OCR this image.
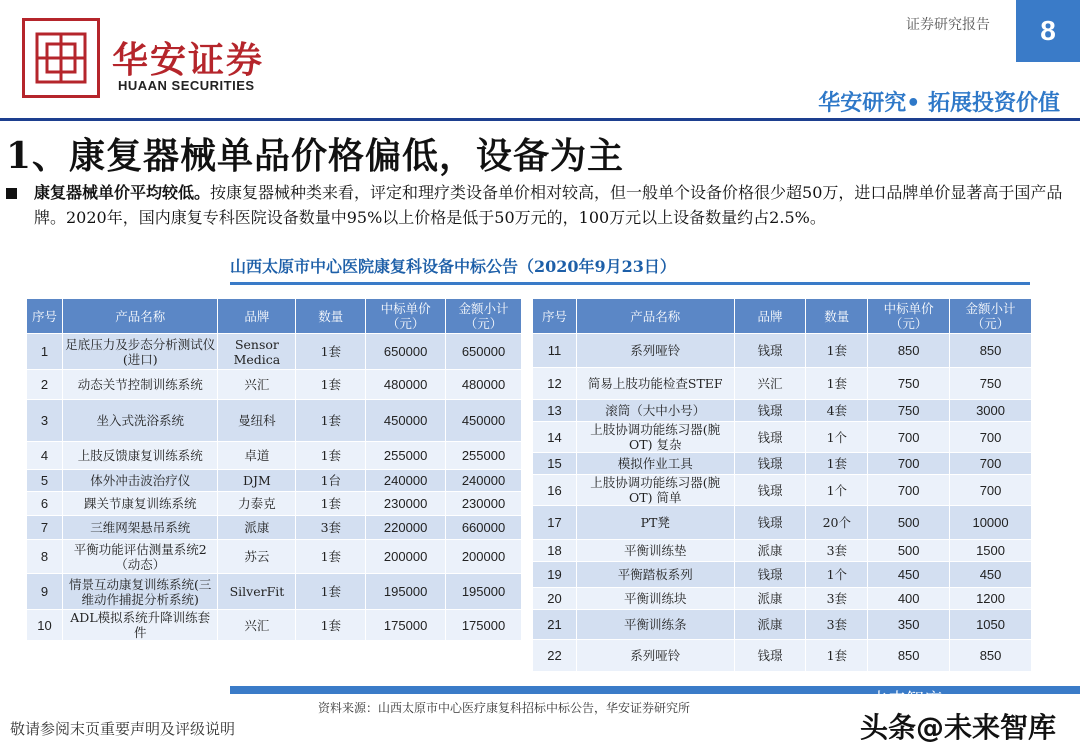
华安证券
HUAAN SECURITIES
证券研究报告	8
华安研究• 拓展投资价值
1、康复器械单品价格偏低，设备为主
康复器械单价平均较低。按康复器械种类来看，评定和理疗类设备单价相对较高，但一般单个设备价格很少超50万，进口品牌单价显著高于国产品牌。2020年，国内康复专科医院设备数量中95%以上价格是低于50万元的，100万元以上设备数量约占2.5%。
山西太原市中心医院康复科设备中标公告（2020年9月23日）
序号	产品名称	品牌	数量	中标单价（元）	金额小计（元）
1	足底压力及步态分析测试仪(进口)	Sensor Medica	1套	650000	650000
2	动态关节控制训练系统	兴汇	1套	480000	480000
3	坐入式洗浴系统	曼纽科	1套	450000	450000
4	上肢反馈康复训练系统	卓道	1套	255000	255000
5	体外冲击波治疗仪	DJM	1台	240000	240000
6	踝关节康复训练系统	力泰克	1套	230000	230000
7	三维网架悬吊系统	派康	3套	220000	660000
8	平衡功能评估测量系统2（动态）	苏云	1套	200000	200000
9	情景互动康复训练系统(三维动作捕捉分析系统)	SilverFit	1套	195000	195000
10	ADL模拟系统升降训练套件	兴汇	1套	175000	175000
序号	产品名称	品牌	数量	中标单价（元）	金额小计（元）
11	系列哑铃	钱璟	1套	850	850
12	简易上肢功能检查STEF	兴汇	1套	750	750
13	滚筒（大中小号）	钱璟	4套	750	3000
14	上肢协调功能练习器(腕OT) 复杂	钱璟	1个	700	700
15	模拟作业工具	钱璟	1套	700	700
16	上肢协调功能练习器(腕OT) 简单	钱璟	1个	700	700
17	PT凳	钱璟	20个	500	10000
18	平衡训练垫	派康	3套	500	1500
19	平衡踏板系列	钱璟	1个	450	450
20	平衡训练块	派康	3套	400	1200
21	平衡训练条	派康	3套	350	1050
22	系列哑铃	钱璟	1套	850	850
资料来源：山西太原市中心医疗康复科招标中标公告，华安证券研究所
敬请参阅末页重要声明及评级说明
未来智库
头条@未来智库
